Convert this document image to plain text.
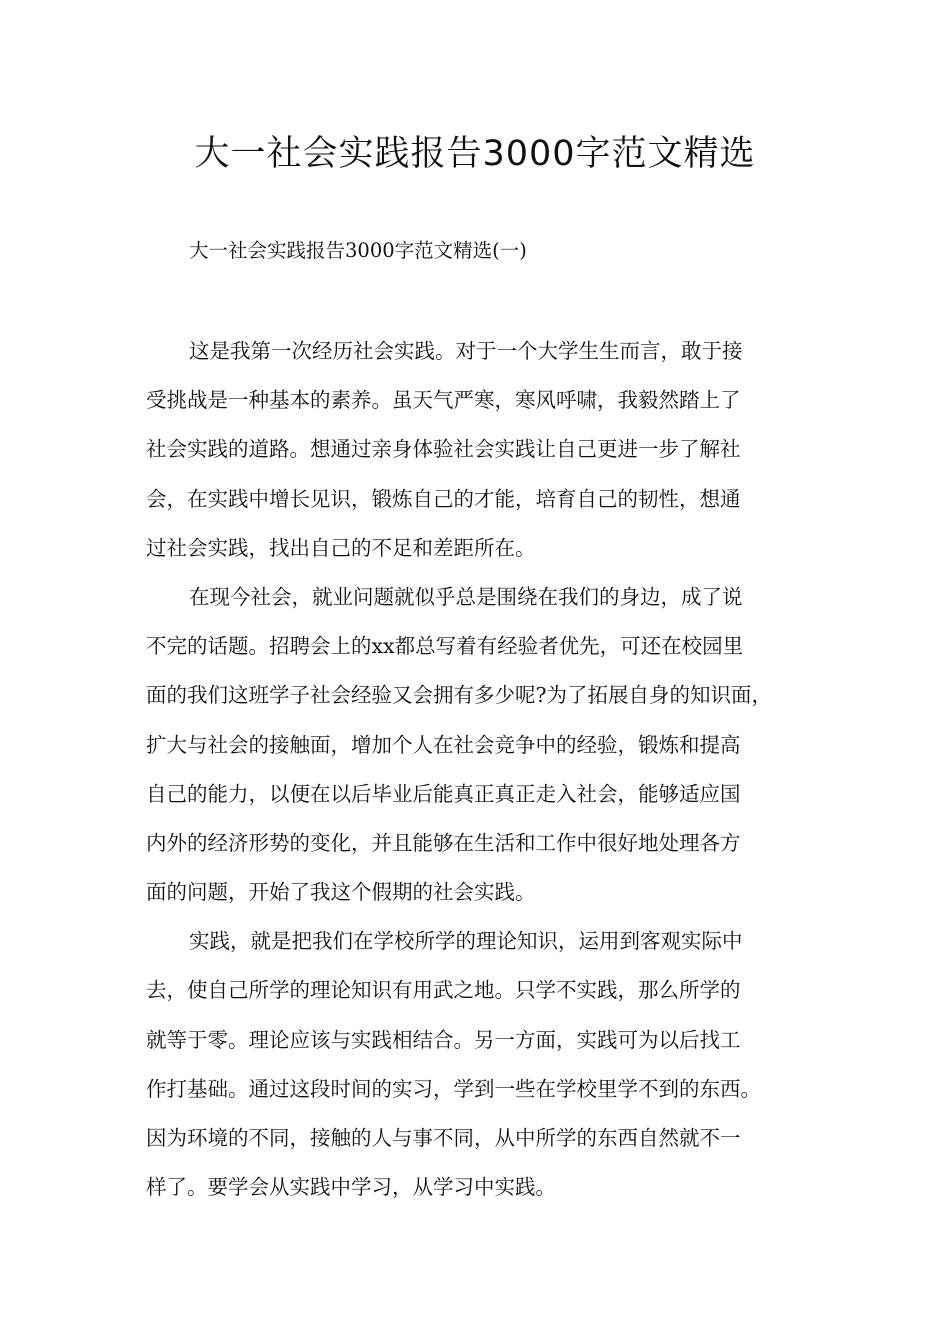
大一社会实践报告3000字范文精选
大一社会实践报告3000字范文精选(一)
这是我第一次经历社会实践。对于一个大学生生而言，敢于接
受挑战是一种基本的素养。虽天气严寒，寒风呼啸，我毅然踏上了
社会实践的道路。想通过亲身体验社会实践让自己更进一步了解社
会，在实践中增长见识，锻炼自己的才能，培育自己的韧性，想通
过社会实践，找出自己的不足和差距所在。
在现今社会，就业问题就似乎总是围绕在我们的身边，成了说
不完的话题。招聘会上的xx都总写着有经验者优先，可还在校园里
面的我们这班学子社会经验又会拥有多少呢?为了拓展自身的知识面，
扩大与社会的接触面，增加个人在社会竞争中的经验，锻炼和提高
自己的能力，以便在以后毕业后能真正真正走入社会，能够适应国
内外的经济形势的变化，并且能够在生活和工作中很好地处理各方
面的问题，开始了我这个假期的社会实践。
实践，就是把我们在学校所学的理论知识，运用到客观实际中
去，使自己所学的理论知识有用武之地。只学不实践，那么所学的
就等于零。理论应该与实践相结合。另一方面，实践可为以后找工
作打基础。通过这段时间的实习，学到一些在学校里学不到的东西。
因为环境的不同，接触的人与事不同，从中所学的东西自然就不一
样了。要学会从实践中学习，从学习中实践。
